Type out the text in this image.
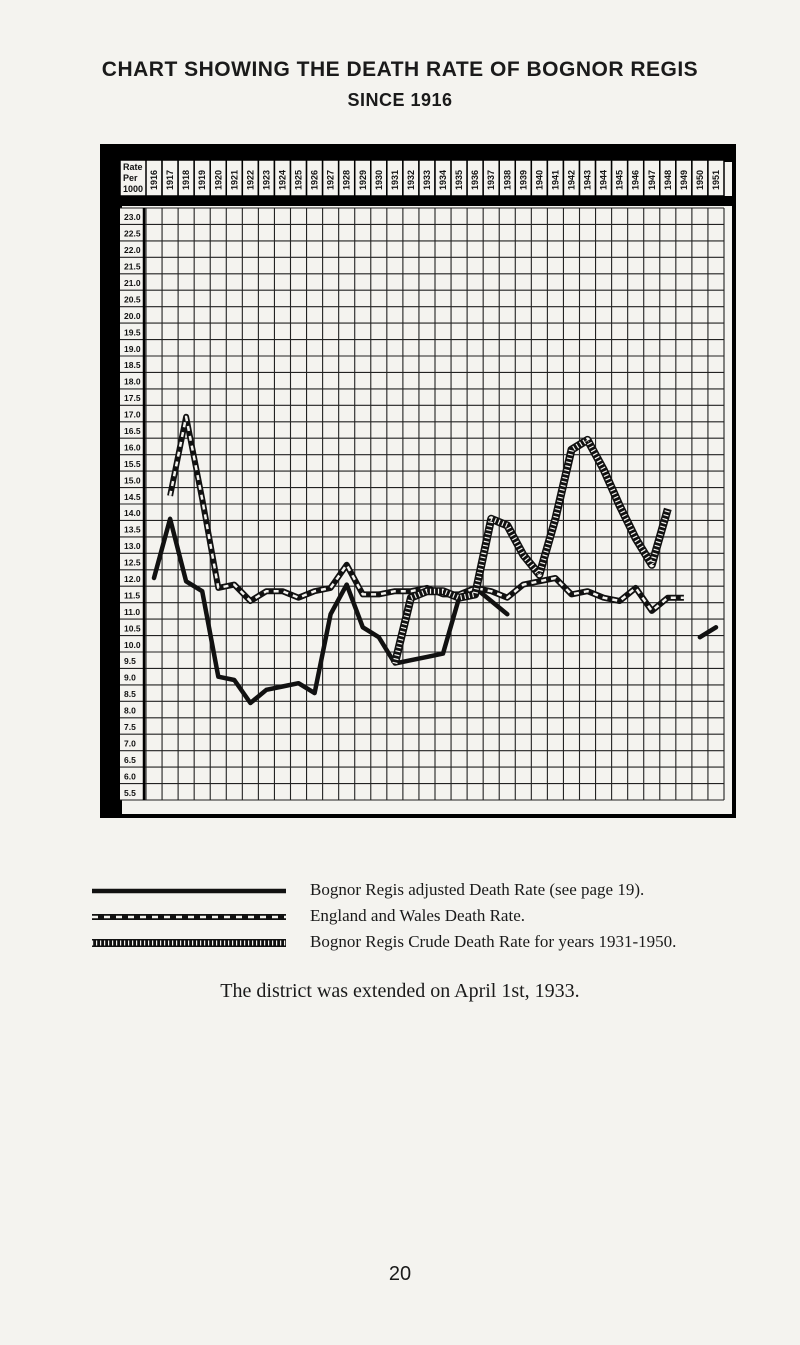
CHART SHOWING THE DEATH RATE OF BOGNOR REGIS
SINCE 1916
Rate
Per
1000 1916 1917 1918 1919 1920 1921 1922 1923 1924 1925 1926 1927 1928 1929 1930 1931 1932 1933 1934 1935 1936 1937 1938 1939 1940 1941 1942 1943 1944 1945 1946 1947 1948 1949 1950 1951
23.0
22.5
22.0
21.5
21.0
20.5
20.0
19.5
19.0
18.5
18.0
17.5
17.0
16.5
16.0
15.5
15.0
14.5
14.0
13.5
13.0
12.5
12.0
11.5
11.0
10.5
10.0
9.5
9.0
8.5
8.0
7.5
7.0
6.5
6.0
5.5
Bognor Regis adjusted Death Rate (see page 19).
England and Wales Death Rate.
Bognor Regis Crude Death Rate for years 1931-1950.
The district was extended on April 1st, 1933.
20
